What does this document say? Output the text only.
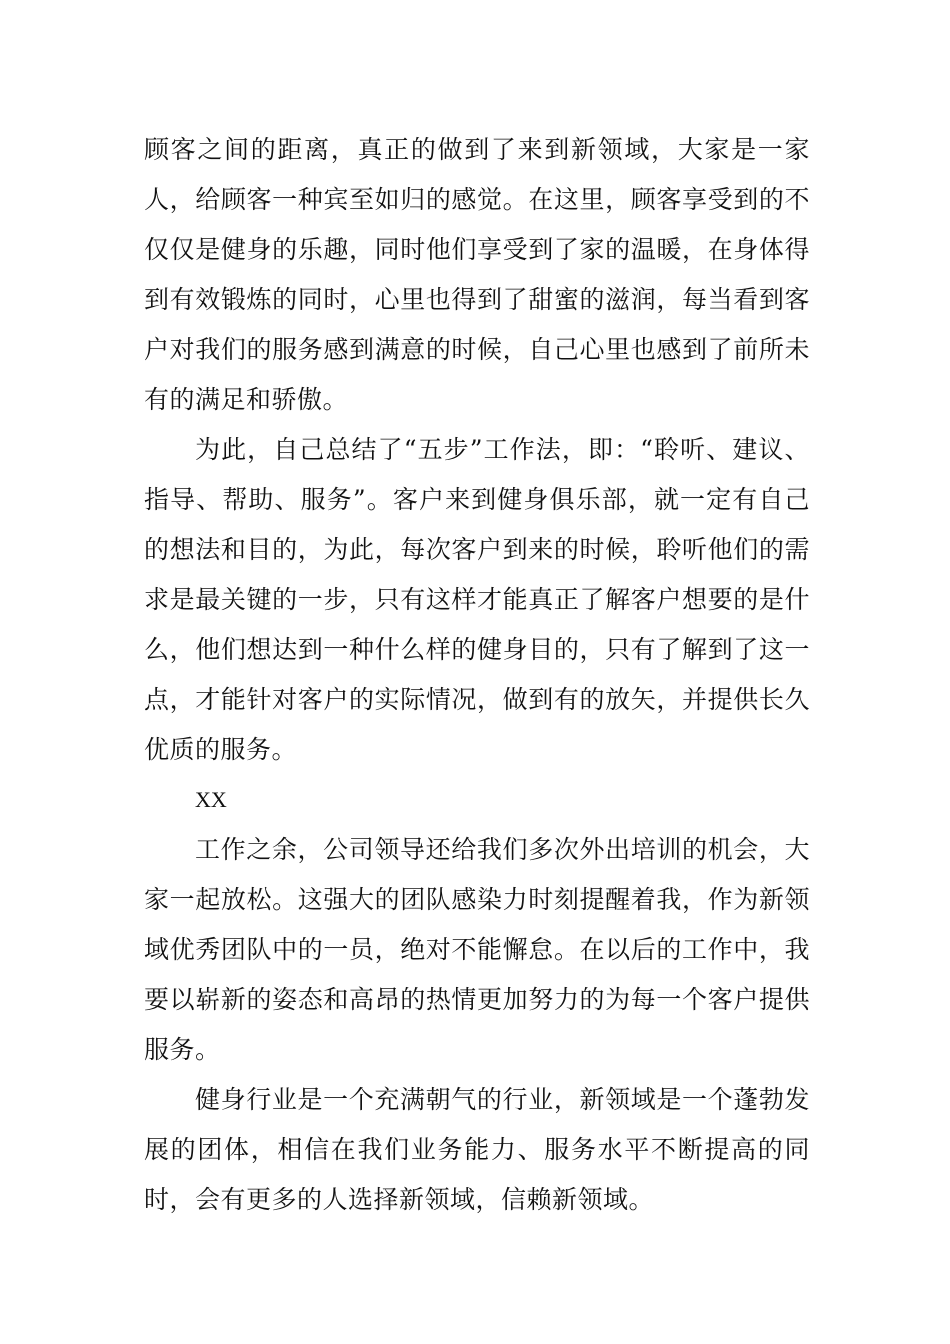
顾客之间的距离，真正的做到了来到新领域，大家是一家人，给顾客一种宾至如归的感觉。在这里，顾客享受到的不仅仅是健身的乐趣，同时他们享受到了家的温暖，在身体得到有效锻炼的同时，心里也得到了甜蜜的滋润，每当看到客户对我们的服务感到满意的时候，自己心里也感到了前所未有的满足和骄傲。

为此，自己总结了“五步”工作法，即：“聆听、建议、指导、帮助、服务”。客户来到健身俱乐部，就一定有自己的想法和目的，为此，每次客户到来的时候，聆听他们的需求是最关键的一步，只有这样才能真正了解客户想要的是什么，他们想达到一种什么样的健身目的，只有了解到了这一点，才能针对客户的实际情况，做到有的放矢，并提供长久优质的服务。

XX

工作之余，公司领导还给我们多次外出培训的机会，大家一起放松。这强大的团队感染力时刻提醒着我，作为新领域优秀团队中的一员，绝对不能懈怠。在以后的工作中，我要以崭新的姿态和高昂的热情更加努力的为每一个客户提供服务。

健身行业是一个充满朝气的行业，新领域是一个蓬勃发展的团体，相信在我们业务能力、服务水平不断提高的同时，会有更多的人选择新领域，信赖新领域。
